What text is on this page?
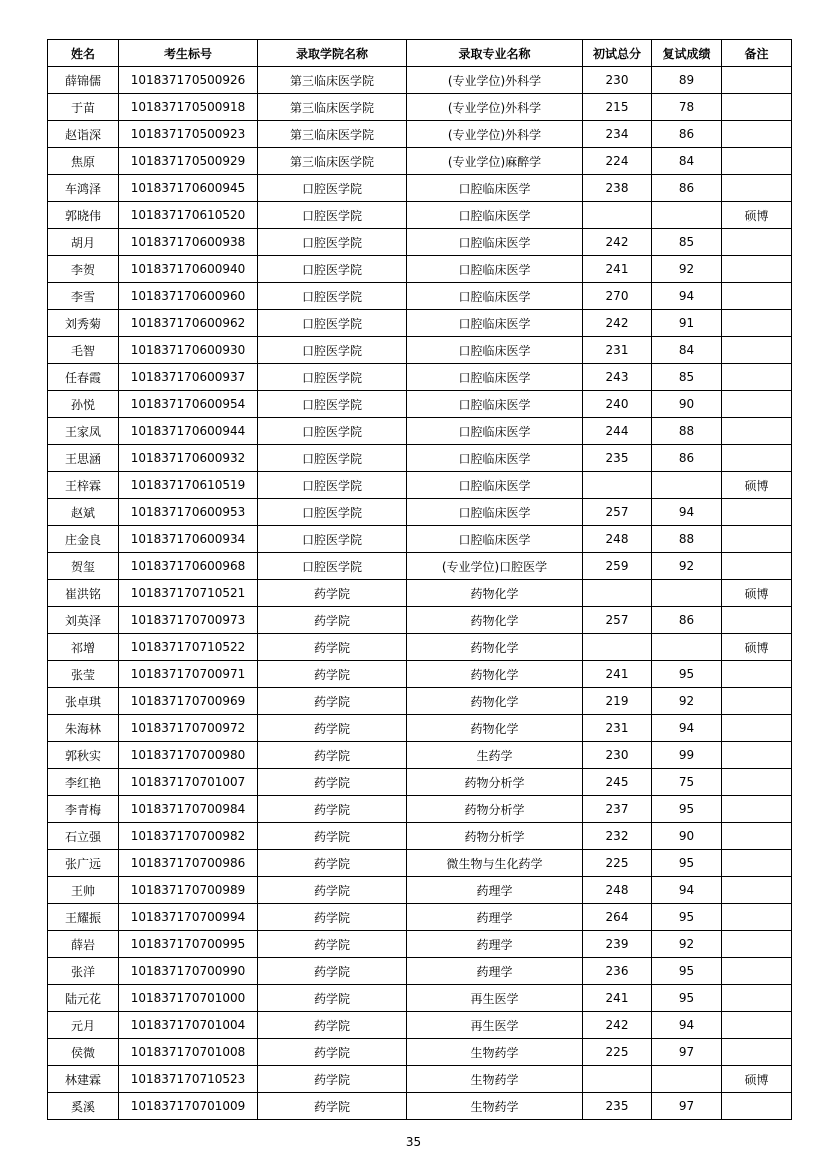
姓名	考生标号	录取学院名称	录取专业名称	初试总分	复试成绩	备注
薛锦儒	101837170500926	第三临床医学院	(专业学位)外科学	230	89	
于苗	101837170500918	第三临床医学院	(专业学位)外科学	215	78	
赵诣深	101837170500923	第三临床医学院	(专业学位)外科学	234	86	
焦原	101837170500929	第三临床医学院	(专业学位)麻醉学	224	84	
车鸿泽	101837170600945	口腔医学院	口腔临床医学	238	86	
郭晓伟	101837170610520	口腔医学院	口腔临床医学			硕博
胡月	101837170600938	口腔医学院	口腔临床医学	242	85	
李贺	101837170600940	口腔医学院	口腔临床医学	241	92	
李雪	101837170600960	口腔医学院	口腔临床医学	270	94	
刘秀菊	101837170600962	口腔医学院	口腔临床医学	242	91	
毛智	101837170600930	口腔医学院	口腔临床医学	231	84	
任春霞	101837170600937	口腔医学院	口腔临床医学	243	85	
孙悦	101837170600954	口腔医学院	口腔临床医学	240	90	
王家凤	101837170600944	口腔医学院	口腔临床医学	244	88	
王思涵	101837170600932	口腔医学院	口腔临床医学	235	86	
王梓霖	101837170610519	口腔医学院	口腔临床医学			硕博
赵斌	101837170600953	口腔医学院	口腔临床医学	257	94	
庄金良	101837170600934	口腔医学院	口腔临床医学	248	88	
贺玺	101837170600968	口腔医学院	(专业学位)口腔医学	259	92	
崔洪铭	101837170710521	药学院	药物化学			硕博
刘英泽	101837170700973	药学院	药物化学	257	86	
祁增	101837170710522	药学院	药物化学			硕博
张莹	101837170700971	药学院	药物化学	241	95	
张卓琪	101837170700969	药学院	药物化学	219	92	
朱海林	101837170700972	药学院	药物化学	231	94	
郭秋实	101837170700980	药学院	生药学	230	99	
李红艳	101837170701007	药学院	药物分析学	245	75	
李青梅	101837170700984	药学院	药物分析学	237	95	
石立强	101837170700982	药学院	药物分析学	232	90	
张广远	101837170700986	药学院	微生物与生化药学	225	95	
王帅	101837170700989	药学院	药理学	248	94	
王耀振	101837170700994	药学院	药理学	264	95	
薛岩	101837170700995	药学院	药理学	239	92	
张洋	101837170700990	药学院	药理学	236	95	
陆元花	101837170701000	药学院	再生医学	241	95	
元月	101837170701004	药学院	再生医学	242	94	
侯微	101837170701008	药学院	生物药学	225	97	
林建霖	101837170710523	药学院	生物药学			硕博
奚溪	101837170701009	药学院	生物药学	235	97	
35
